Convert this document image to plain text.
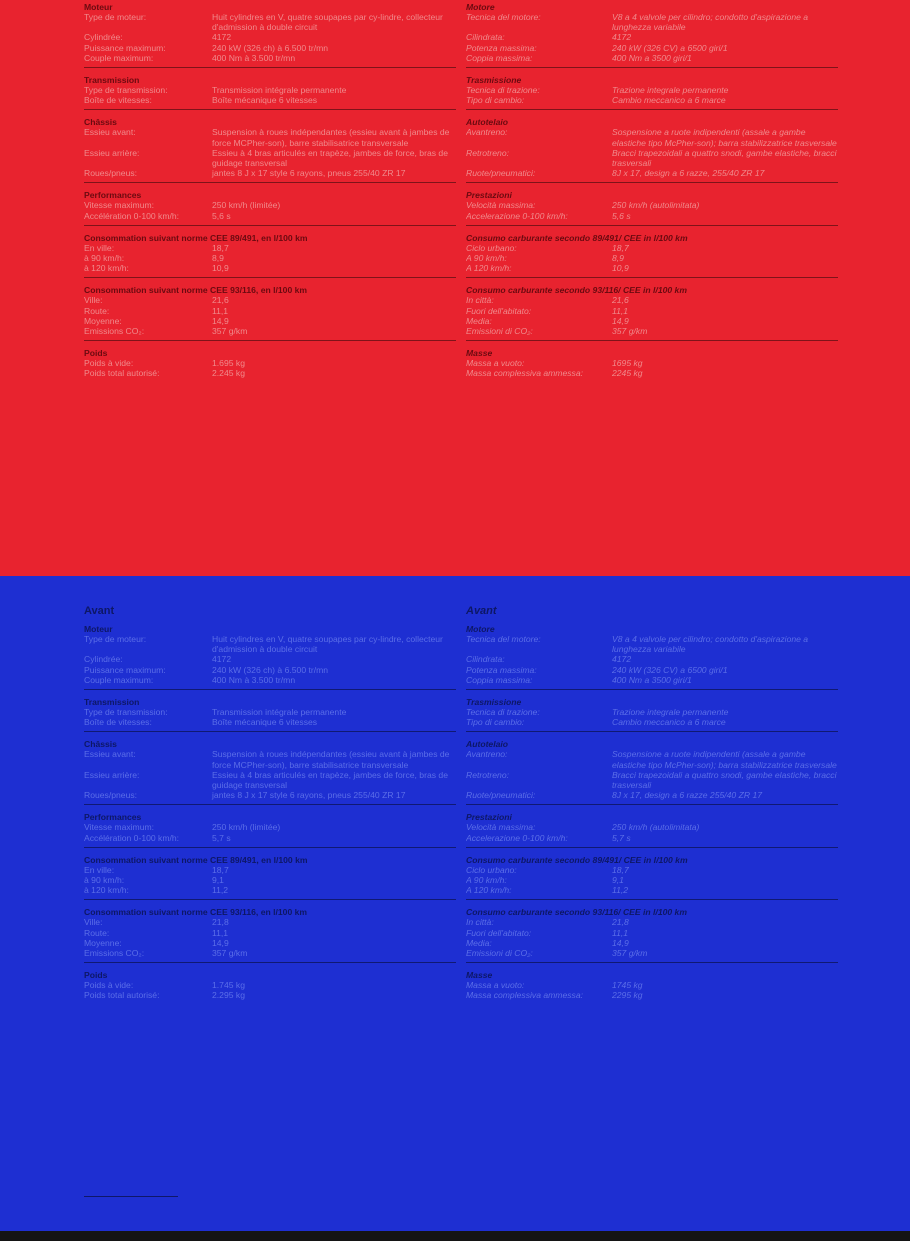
Moteur
Type de moteur:	Huit cylindres en V, quatre soupapes par cy-lindre, collecteur d'admission à double circuit
Cylindrée:	4172
Puissance maximum:	240 kW (326 ch) à 6.500 tr/mn
Couple maximum:	400 Nm à 3.500 tr/mn
Transmission
Type de transmission:	Transmission intégrale permanente
Boîte de vitesses:	Boîte mécanique 6 vitesses
Châssis
Essieu avant:	Suspension à roues indépendantes (essieu avant à jambes de force MCPher-son), barre stabilisatrice transversale
Essieu arrière:	Essieu à 4 bras articulés en trapèze, jambes de force, bras de guidage transversal
Roues/pneus:	jantes 8 J x 17 style 6 rayons, pneus 255/40 ZR 17
Performances
Vitesse maximum:	250 km/h (limitée)
Accélération 0-100 km/h:	5,6 s
Consommation suivant norme CEE 89/491, en l/100 km
En ville:	18,7
à 90 km/h:	8,9
à 120 km/h:	10,9
Consommation suivant norme CEE 93/116, en l/100 km
Ville:	21,6
Route:	11,1
Moyenne:	14,9
Emissions CO₂:	357 g/km
Poids
Poids à vide:	1.695 kg
Poids total autorisé:	2.245 kg
Motore
Tecnica del motore:	V8 a 4 valvole per cilindro; condotto d'aspirazione a lunghezza variabile
Cilindrata:	4172
Potenza massima:	240 kW (326 CV) a 6500 giri/1
Coppia massima:	400 Nm a 3500 giri/1
Trasmissione
Tecnica di trazione:	Trazione integrale permanente
Tipo di cambio:	Cambio meccanico a 6 marce
Autotelaio
Avantreno:	Sospensione a ruote indipendenti (assale a gambe elastiche tipo McPher-son); barra stabilizzatrice trasversale
Retrotreno:	Bracci trapezoidali a quattro snodi, gambe elastiche, bracci trasversali
Ruote/pneumatici:	8J x 17, design a 6 razze, 255/40 ZR 17
Prestazioni
Velocità massima:	250 km/h (autolimitata)
Accelerazione 0-100 km/h:	5,6 s
Consumo carburante secondo 89/491/ CEE in l/100 km
Ciclo urbano:	18,7
A 90 km/h:	8,9
A 120 km/h:	10,9
Consumo carburante secondo 93/116/ CEE in l/100 km
In città:	21,6
Fuori dell'abitato:	11,1
Media:	14,9
Emissioni di CO₂:	357 g/km
Masse
Massa a vuoto:	1695 kg
Massa complessiva ammessa:	2245 kg
Avant
Moteur
Type de moteur:	Huit cylindres en V, quatre soupapes par cy-lindre, collecteur d'admission à double circuit
Cylindrée:	4172
Puissance maximum:	240 kW (326 ch) à 6.500 tr/mn
Couple maximum:	400 Nm à 3.500 tr/mn
Transmission
Type de transmission:	Transmission intégrale permanente
Boîte de vitesses:	Boîte mécanique 6 vitesses
Châssis
Essieu avant:	Suspension à roues indépendantes (essieu avant à jambes de force MCPher-son), barre stabilisatrice transversale
Essieu arrière:	Essieu à 4 bras articulés en trapèze, jambes de force, bras de guidage transversal
Roues/pneus:	jantes 8 J x 17 style 6 rayons, pneus 255/40 ZR 17
Performances
Vitesse maximum:	250 km/h (limitée)
Accélération 0-100 km/h:	5,7 s
Consommation suivant norme CEE 89/491, en l/100 km
En ville:	18,7
à 90 km/h:	9,1
à 120 km/h:	11,2
Consommation suivant norme CEE 93/116, en l/100 km
Ville:	21,8
Route:	11,1
Moyenne:	14,9
Emissions CO₂:	357 g/km
Poids
Poids à vide:	1.745 kg
Poids total autorisé:	2.295 kg
Avant
Motore
Tecnica del motore:	V8 a 4 valvole per cilindro; condotto d'aspirazione a lunghezza variabile
Cilindrata:	4172
Potenza massima:	240 kW (326 CV) a 6500 giri/1
Coppia massima:	400 Nm a 3500 giri/1
Trasmissione
Tecnica di trazione:	Trazione integrale permanente
Tipo di cambio:	Cambio meccanico a 6 marce
Autotelaio
Avantreno:	Sospensione a ruote indipendenti (assale a gambe elastiche tipo McPher-son); barra stabilizzatrice trasversale
Retrotreno:	Bracci trapezoidali a quattro snodi, gambe elastiche, bracci trasversali
Ruote/pneumatici:	8J x 17, design a 6 razze 255/40 ZR 17
Prestazioni
Velocità massima:	250 km/h (autolimitata)
Accelerazione 0-100 km/h:	5,7 s
Consumo carburante secondo 89/491/ CEE in l/100 km
Ciclo urbano:	18,7
A 90 km/h:	9,1
A 120 km/h:	11,2
Consumo carburante secondo 93/116/ CEE in l/100 km
In città:	21,8
Fuori dell'abitato:	11,1
Media:	14,9
Emissioni di CO₂:	357 g/km
Masse
Massa a vuoto:	1745 kg
Massa complessiva ammessa:	2295 kg
